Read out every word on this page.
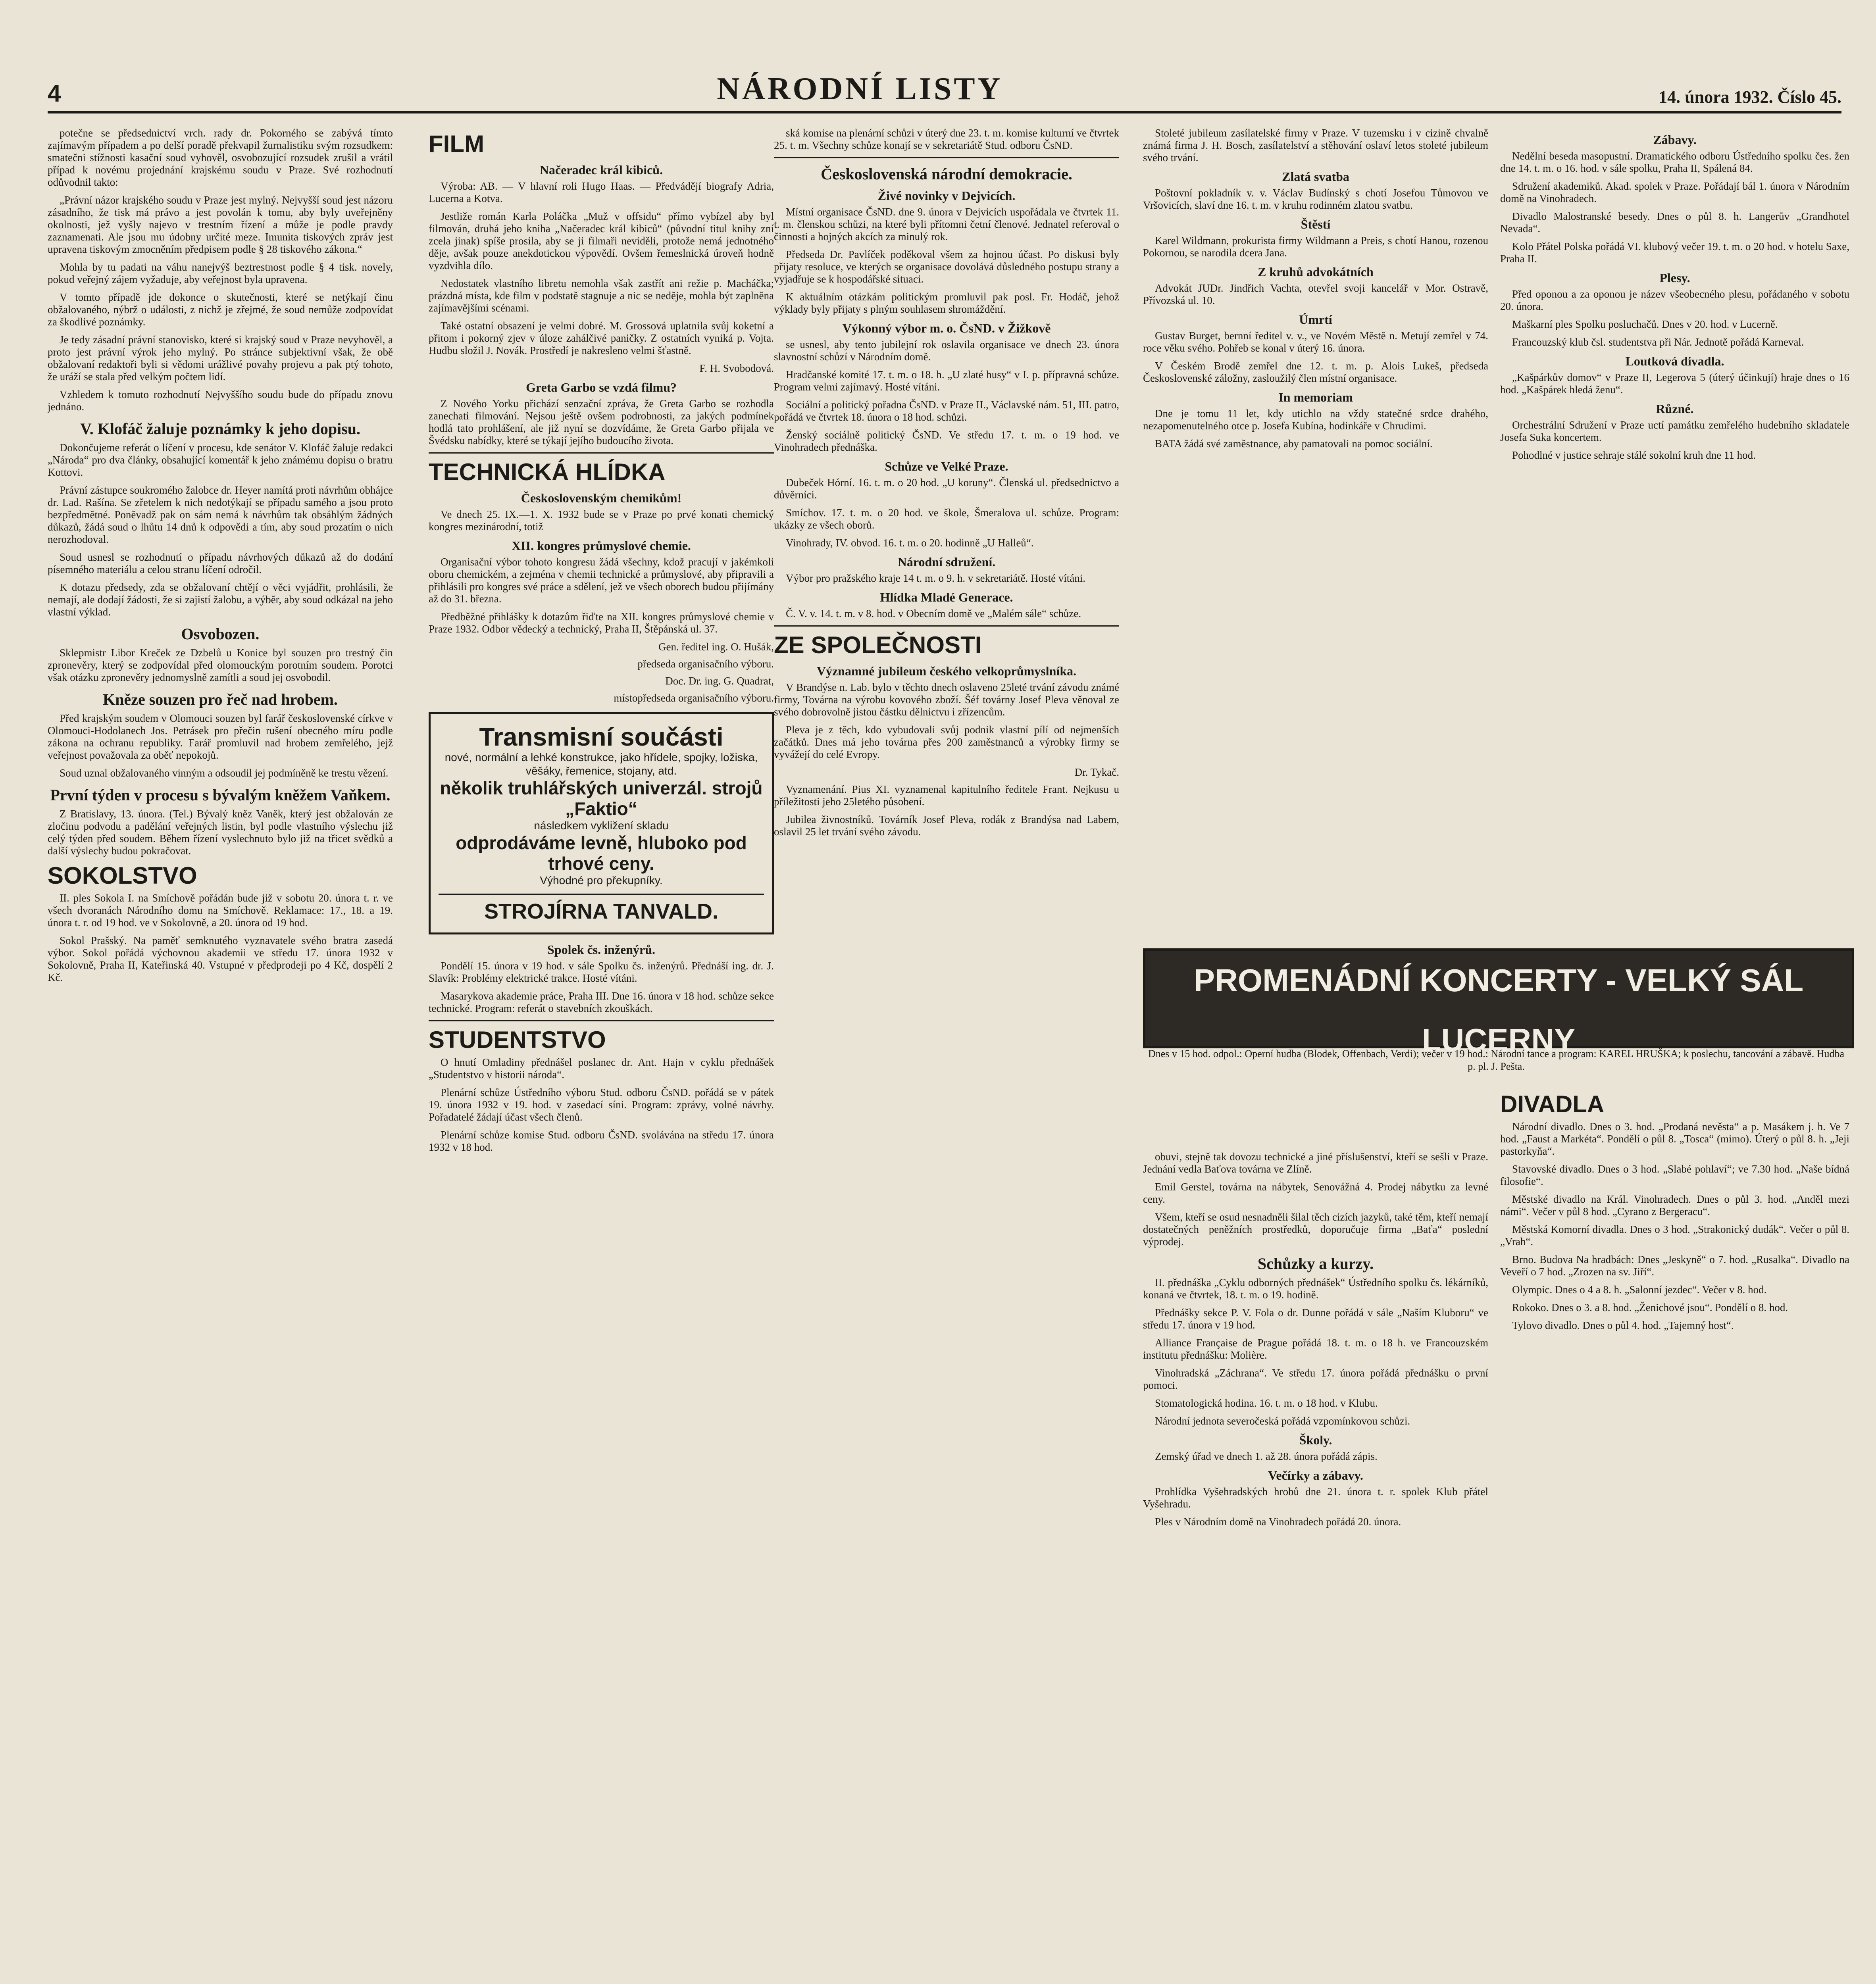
4	NÁRODNÍ LISTY	14. února 1932. Číslo 45.

potečne se předsednictví vrch. rady dr. Pokorného se zabývá tímto zajímavým případem a po delší poradě překvapil žurnalistiku svým rozsudkem: smatečni stížnosti kasační soud vyhověl, osvobozující rozsudek zrušil a vrátil případ k novému projednání krajskému soudu v Praze. Své rozhodnutí odůvodnil takto:

„Právní názor krajského soudu v Praze jest mylný. Nejvyšší soud jest názoru zásadního, že tisk má právo a jest povolán k tomu, aby byly uveřejněny okolnosti, jež vyšly najevo v trestním řízení a může je podle pravdy zaznamenati. Ale jsou mu údobny určité meze. Imunita tiskových zpráv jest upravena tiskovým zmocněním předpisem podle § 28 tiskového zákona.“

Mohla by tu padati na váhu nanejvýš beztrestnost podle § 4 tisk. novely, pokud veřejný zájem vyžaduje, aby veřejnost byla upravena.

V tomto případě jde dokonce o skutečnosti, které se netýkají činu obžalovaného, nýbrž o události, z nichž je zřejmé, že soud nemůže zodpovídat za škodlivé poznámky.

Je tedy zásadní právní stanovisko, které si krajský soud v Praze nevyhověl, a proto jest právní výrok jeho mylný. Po stránce subjektivní však, že obě obžalovaní redaktoři byli si vědomi urážlivé povahy projevu a pak ptý tohoto, že uráží se stala před velkým počtem lidí.

Vzhledem k tomuto rozhodnutí Nejvyššího soudu bude do případu znovu jednáno.

V. Klofáč žaluje poznámky k jeho dopisu.

Dokončujeme referát o líčení v procesu, kde senátor V. Klofáč žaluje redakci „Národa“ pro dva články, obsahující komentář k jeho známému dopisu o bratru Kottovi.

Právní zástupce soukromého žalobce dr. Heyer namítá proti návrhům obhájce dr. Lad. Rašína. Se zřetelem k nich nedotýkají se případu samého a jsou proto bezpředmětné. Poněvadž pak on sám nemá k návrhům tak obsáhlým žádných důkazů, žádá soud o lhůtu 14 dnů k odpovědi a tím, aby soud prozatím o nich nerozhodoval.

Soud usnesl se rozhodnutí o případu návrhových důkazů až do dodání písemného materiálu a celou stranu líčení odročil.

K dotazu předsedy, zda se obžalovaní chtějí o věci vyjádřit, prohlásili, že nemají, ale dodají žádosti, že si zajistí žalobu, a výběr, aby soud odkázal na jeho vlastní výklad.

Osvobozen.

Sklepmistr Libor Kreček ze Dzbelů u Konice byl souzen pro trestný čin zpronevěry, který se zodpovídal před olomouckým porotním soudem. Porotci však otázku zpronevěry jednomyslně zamítli a soud jej osvobodil.

Kněze souzen pro řeč nad hrobem.

Před krajským soudem v Olomouci souzen byl farář československé církve v Olomouci-Hodolanech Jos. Petrásek pro přečin rušení obecného míru podle zákona na ochranu republiky. Farář promluvil nad hrobem zemřelého, jejž veřejnost považovala za oběť nepokojů.

Soud uznal obžalovaného vinným a odsoudil jej podmíněně ke trestu vězení.

První týden v procesu s bývalým kněžem Vaňkem.

Z Bratislavy, 13. února. (Tel.) Bývalý kněz Vaněk, který jest obžalován ze zločinu podvodu a padělání veřejných listin, byl podle vlastního výslechu již celý týden před soudem. Během řízení vyslechnuto bylo již na třicet svědků a další výslechy budou pokračovat.

SOKOLSTVO

II. ples Sokola I. na Smíchově pořádán bude již v sobotu 20. února t. r. ve všech dvoranách Národního domu na Smíchově. Reklamace: 17., 18. a 19. února t. r. od 19 hod. ve v Sokolovně, a 20. února od 19 hod.

Sokol Prašský. Na paměť semknutého vyznavatele svého bratra zasedá výbor. Sokol pořádá výchovnou akademii ve středu 17. února 1932 v Sokolovně, Praha II, Kateřinská 40. Vstupné v předprodeji po 4 Kč, dospělí 2 Kč.

FILM
Načeradec král kibiců.

Výroba: AB. — V hlavní roli Hugo Haas. — Předvádějí biografy Adria, Lucerna a Kotva.

Jestliže román Karla Poláčka „Muž v offsidu“ přímo vybízel aby byl filmován, druhá jeho kniha „Načeradec král kibiců“ (původní titul knihy zní zcela jinak) spíše prosila, aby se ji filmaři neviděli, protože nemá jednotného děje, avšak pouze anekdotickou výpovědí. Ovšem řemeslnická úroveň hodně vyzdvihla dílo.

Nedostatek vlastního libretu nemohla však zastřít ani režie p. Macháčka; prázdná místa, kde film v podstatě stagnuje a nic se neděje, mohla být zaplněna zajímavějšími scénami.

Také ostatní obsazení je velmi dobré. M. Grossová uplatnila svůj koketní a přitom i pokorný zjev v úloze zahálčivé paničky. Z ostatních vyniká p. Vojta. Hudbu složil J. Novák. Prostředí je nakresleno velmi šťastně.

F. H. Svobodová.
Greta Garbo se vzdá filmu?

Z Nového Yorku přichází senzační zpráva, že Greta Garbo se rozhodla zanechati filmování. Nejsou ještě ovšem podrobnosti, za jakých podmínek hodlá tato prohlášení, ale již nyní se dozvídáme, že Greta Garbo přijala ve Švédsku nabídky, které se týkají jejího budoucího života.

TECHNICKÁ HLÍDKA
Československým chemikům!

Ve dnech 25. IX.—1. X. 1932 bude se v Praze po prvé konati chemický kongres mezinárodní, totiž

XII. kongres průmyslové chemie.

Organisační výbor tohoto kongresu žádá všechny, kdož pracují v jakémkoli oboru chemickém, a zejména v chemii technické a průmyslové, aby připravili a přihlásili pro kongres své práce a sdělení, jež ve všech oborech budou přijímány až do 31. března.

Předběžné přihlášky k dotazům řiďte na XII. kongres průmyslové chemie v Praze 1932. Odbor vědecký a technický, Praha II, Štěpánská ul. 37.

Gen. ředitel ing. O. Hušák,
předseda organisačního výboru.
Doc. Dr. ing. G. Quadrat,
místopředseda organisačního výboru.
Transmisní součásti
nové, normální a lehké konstrukce, jako hřídele, spojky, ložiska, věšáky, řemenice, stojany, atd.
několik truhlářských univerzál. strojů „Faktio“
následkem vykližení skladu
odprodáváme levně, hluboko pod trhové ceny.
Výhodné pro překupníky.
STROJÍRNA TANVALD.
Spolek čs. inženýrů.

Pondělí 15. února v 19 hod. v sále Spolku čs. inženýrů. Přednáší ing. dr. J. Slavík: Problémy elektrické trakce. Hosté vítáni.

Masarykova akademie práce, Praha III. Dne 16. února v 18 hod. schůze sekce technické. Program: referát o stavebních zkouškách.

STUDENTSTVO

O hnutí Omladiny přednášel poslanec dr. Ant. Hajn v cyklu přednášek „Studentstvo v historii národa“.

Plenární schůze Ústředního výboru Stud. odboru ČsND. pořádá se v pátek 19. února 1932 v 19. hod. v zasedací síni. Program: zprávy, volné návrhy. Pořadatelé žádají účast všech členů.

Plenární schůze komise Stud. odboru ČsND. svolávána na středu 17. února 1932 v 18 hod.

ská komise na plenární schůzi v úterý dne 23. t. m. komise kulturní ve čtvrtek 25. t. m. Všechny schůze konají se v sekretariátě Stud. odboru ČsND.

Československá národní demokracie.
Živé novinky v Dejvicích.

Místní organisace ČsND. dne 9. února v Dejvicích uspořádala ve čtvrtek 11. t. m. členskou schůzi, na které byli přítomni četní členové. Jednatel referoval o činnosti a hojných akcích za minulý rok.

Předseda Dr. Pavlíček poděkoval všem za hojnou účast. Po diskusi byly přijaty resoluce, ve kterých se organisace dovolává důsledného postupu strany a vyjadřuje se k hospodářské situaci.

K aktuálním otázkám politickým promluvil pak posl. Fr. Hodáč, jehož výklady byly přijaty s plným souhlasem shromáždění.

Výkonný výbor m. o. ČsND. v Žižkově

se usnesl, aby tento jubilejní rok oslavila organisace ve dnech 23. února slavnostní schůzí v Národním domě.

Hradčanské komité 17. t. m. o 18. h. „U zlaté husy“ v I. p. přípravná schůze. Program velmi zajímavý. Hosté vítáni.

Sociální a politický pořadna ČsND. v Praze II., Václavské nám. 51, III. patro, pořádá ve čtvrtek 18. února o 18 hod. schůzi.

Ženský sociálně politický ČsND. Ve středu 17. t. m. o 19 hod. ve Vinohradech přednáška.

Schůze ve Velké Praze.

Dubeček Hórní. 16. t. m. o 20 hod. „U koruny“. Členská ul. předsednictvo a důvěrníci.

Smíchov. 17. t. m. o 20 hod. ve škole, Šmeralova ul. schůze. Program: ukázky ze všech oborů.

Vinohrady, IV. obvod. 16. t. m. o 20. hodinně „U Halleů“.

Národní sdružení.

Výbor pro pražského kraje 14 t. m. o 9. h. v sekretariátě. Hosté vítáni.

Hlídka Mladé Generace.

Č. V. v. 14. t. m. v 8. hod. v Obecním domě ve „Malém sále“ schůze.

ZE SPOLEČNOSTI
Významné jubileum českého velkoprůmyslníka.

V Brandýse n. Lab. bylo v těchto dnech oslaveno 25leté trvání závodu známé firmy, Továrna na výrobu kovového zboží. Šéf továrny Josef Pleva věnoval ze svého dobrovolně jistou částku dělnictvu i zřízencům.

Pleva je z těch, kdo vybudovali svůj podnik vlastní pílí od nejmenších začátků. Dnes má jeho továrna přes 200 zaměstnanců a výrobky firmy se vyvážejí do celé Evropy.

Dr. Tykač.

Vyznamenání. Pius XI. vyznamenal kapitulního ředitele Frant. Nejkusu u příležitosti jeho 25letého působení.

Jubilea živnostníků. Továrník Josef Pleva, rodák z Brandýsa nad Labem, oslavil 25 let trvání svého závodu.

Stoleté jubileum zasílatelské firmy v Praze. V tuzemsku i v cizině chvalně známá firma J. H. Bosch, zasílatelství a stěhování oslaví letos stoleté jubileum svého trvání.

Zlatá svatba

Poštovní pokladník v. v. Václav Budínský s chotí Josefou Tůmovou ve Vršovicích, slaví dne 16. t. m. v kruhu rodinném zlatou svatbu.

Štěstí

Karel Wildmann, prokurista firmy Wildmann a Preis, s chotí Hanou, rozenou Pokornou, se narodila dcera Jana.

Z kruhů advokátních

Advokát JUDr. Jindřich Vachta, otevřel svoji kancelář v Mor. Ostravě, Přívozská ul. 10.

Úmrtí

Gustav Burget, bernní ředitel v. v., ve Novém Městě n. Metují zemřel v 74. roce věku svého. Pohřeb se konal v úterý 16. února.

V Českém Brodě zemřel dne 12. t. m. p. Alois Lukeš, předseda Československé záložny, zasloužilý člen místní organisace.

In memoriam

Dne je tomu 11 let, kdy utichlo na vždy statečné srdce drahého, nezapomenutelného otce p. Josefa Kubína, hodinkáře v Chrudimi.

BATA žádá své zaměstnance, aby pamatovali na pomoc sociální.

Zábavy.

Nedělní beseda masopustní. Dramatického odboru Ústředního spolku čes. žen dne 14. t. m. o 16. hod. v sále spolku, Praha II, Spálená 84.

Sdružení akademiků. Akad. spolek v Praze. Pořádají bál 1. února v Národním domě na Vinohradech.

Divadlo Malostranské besedy. Dnes o půl 8. h. Langerův „Grandhotel Nevada“.

Kolo Přátel Polska pořádá VI. klubový večer 19. t. m. o 20 hod. v hotelu Saxe, Praha II.

Plesy.

Před oponou a za oponou je název všeobecného plesu, pořádaného v sobotu 20. února.

Maškarní ples Spolku posluchačů. Dnes v 20. hod. v Lucerně.

Francouzský klub čsl. studentstva při Nár. Jednotě pořádá Karneval.

Loutková divadla.

„Kašpárkův domov“ v Praze II, Legerova 5 (úterý účinkují) hraje dnes o 16 hod. „Kašpárek hledá ženu“.

Různé.

Orchestrální Sdružení v Praze uctí památku zemřelého hudebního skladatele Josefa Suka koncertem.

Pohodlné v justice sehraje stálé sokolní kruh dne 11 hod.

PROMENÁDNÍ KONCERTY - VELKÝ SÁL LUCERNY
Dnes v 15 hod. odpol.: Operní hudba (Blodek, Offenbach, Verdi); večer v 19 hod.: Národní tance a program: KAREL HRUŠKA; k poslechu, tancování a zábavě. Hudba p. pl. J. Pešta.

obuvi, stejně tak dovozu technické a jiné příslušenství, kteří se sešli v Praze. Jednání vedla Baťova továrna ve Zlíně.

Emil Gerstel, továrna na nábytek, Senovážná 4. Prodej nábytku za levné ceny.

Všem, kteří se osud nesnadněli šilal těch cizích jazyků, také těm, kteří nemají dostatečných peněžních prostředků, doporučuje firma „Baťa“ poslední výprodej.

Schůzky a kurzy.

II. přednáška „Cyklu odborných přednášek“ Ústředního spolku čs. lékárníků, konaná ve čtvrtek, 18. t. m. o 19. hodině.

Přednášky sekce P. V. Fola o dr. Dunne pořádá v sále „Naším Kluboru“ ve středu 17. února v 19 hod.

Alliance Française de Prague pořádá 18. t. m. o 18 h. ve Francouzském institutu přednášku: Molière.

Vinohradská „Záchrana“. Ve středu 17. února pořádá přednášku o první pomoci.

Stomatologická hodina. 16. t. m. o 18 hod. v Klubu.

Národní jednota severočeská pořádá vzpomínkovou schůzi.

Školy.

Zemský úřad ve dnech 1. až 28. února pořádá zápis.

Večírky a zábavy.

Prohlídka Vyšehradských hrobů dne 21. února t. r. spolek Klub přátel Vyšehradu.

Ples v Národním domě na Vinohradech pořádá 20. února.

DIVADLA

Národní divadlo. Dnes o 3. hod. „Prodaná nevěsta“ a p. Masákem j. h. Ve 7 hod. „Faust a Markéta“. Pondělí o půl 8. „Tosca“ (mimo). Úterý o půl 8. h. „Jeji pastorkyňa“.

Stavovské divadlo. Dnes o 3 hod. „Slabé pohlaví“; ve 7.30 hod. „Naše bídná filosofie“.

Městské divadlo na Král. Vinohradech. Dnes o půl 3. hod. „Anděl mezi námi“. Večer v půl 8 hod. „Cyrano z Bergeracu“.

Městská Komorní divadla. Dnes o 3 hod. „Strakonický dudák“. Večer o půl 8. „Vrah“.

Brno. Budova Na hradbách: Dnes „Jeskyně“ o 7. hod. „Rusalka“. Divadlo na Veveří o 7 hod. „Zrozen na sv. Jiří“.

Olympic. Dnes o 4 a 8. h. „Salonní jezdec“. Večer v 8. hod.

Rokoko. Dnes o 3. a 8. hod. „Ženichové jsou“. Pondělí o 8. hod.

Tylovo divadlo. Dnes o půl 4. hod. „Tajemný host“.
